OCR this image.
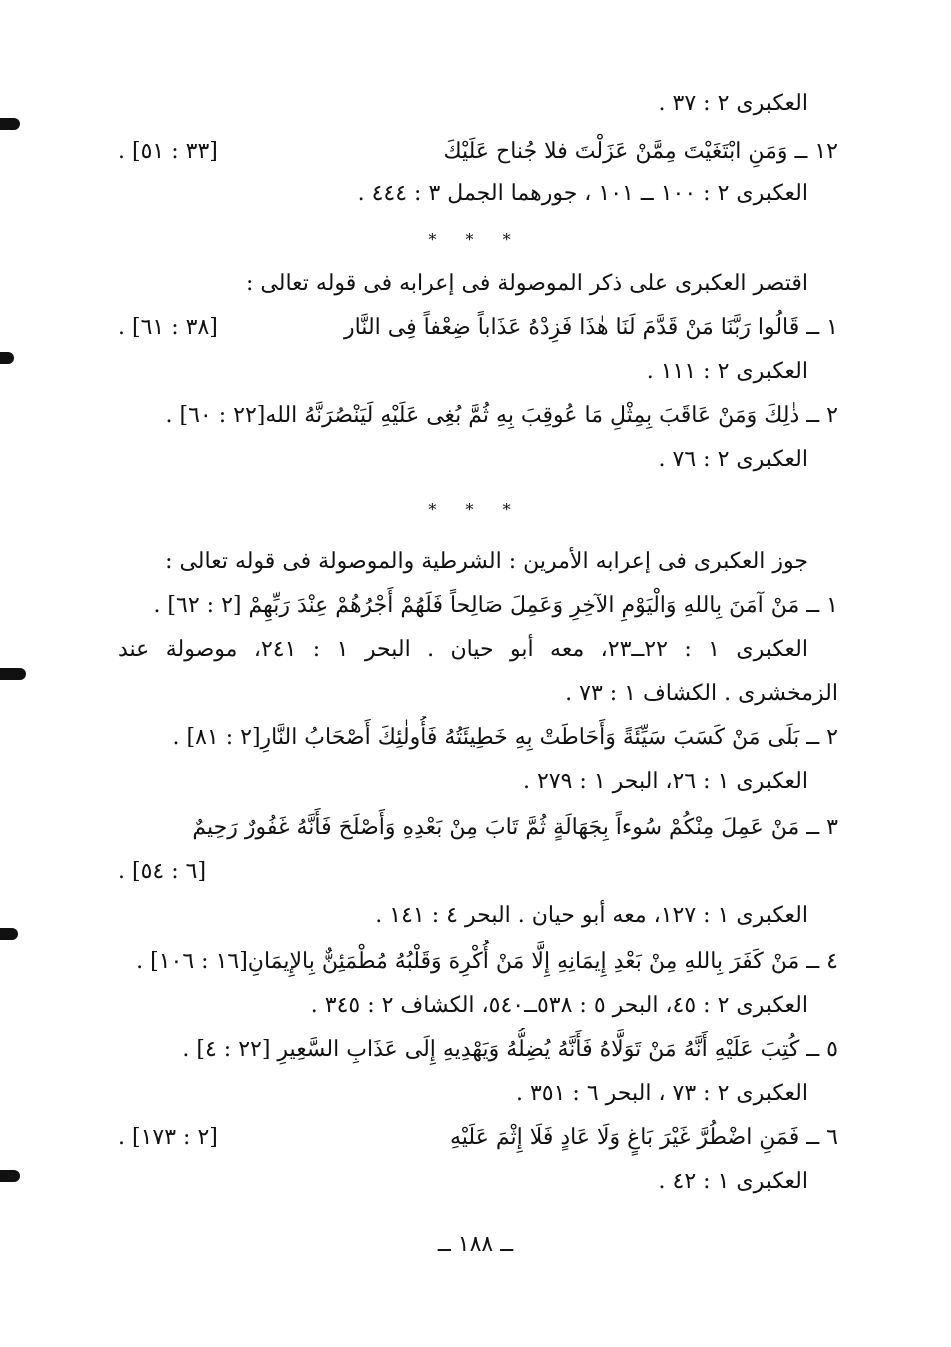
العكبرى ٢ : ٣٧ .
١٢ ــ وَمَنِ ابْتَغَيْتَ مِمَّنْ عَزَلْتَ فلا جُناح عَلَيْكَ
[٣٣ : ٥١] .
العكبرى ٢ : ١٠٠ ــ ١٠١ ، جورهما الجمل ٣ : ٤٤٤ .
* * *
اقتصر العكبرى على ذكر الموصولة فى إعرابه فى قوله تعالى :
١ ــ قَالُوا رَبَّنَا مَنْ قَدَّمَ لَنَا هٰذَا فَزِدْهُ عَذَاباً ضِعْفاً فِى النَّار
[٣٨ : ٦١] .
العكبرى ٢ : ١١١ .
٢ ــ ذٰلِكَ وَمَنْ عَاقَبَ بِمِثْلِ مَا عُوقِبَ بِهِ ثُمَّ بُغِى عَلَيْهِ لَيَنْصُرَنَّهُ الله[٢٢ : ٦٠] .
العكبرى ٢ : ٧٦ .
* * *
جوز العكبرى فى إعرابه الأمرين : الشرطية والموصولة فى قوله تعالى :
١ ــ مَنْ آمَنَ بِاللهِ وَالْيَوْمِ الآخِرِ وَعَمِلَ صَالِحاً فَلَهُمْ أَجْرُهُمْ عِنْدَ رَبِّهِمْ [٢ : ٦٢] .
العكبرى ١ : ٢٢ــ٢٣، معه أبو حيان . البحر ١ : ٢٤١، موصولة عند
الزمخشرى . الكشاف ١ : ٧٣ .
٢ ــ بَلَى مَنْ كَسَبَ سَيِّئَةً وَأَحَاطَتْ بِهِ خَطِيئَتُهُ فَأُولٰئِكَ أَصْحَابُ النَّارِ[٢ : ٨١] .
العكبرى ١ : ٢٦، البحر ١ : ٢٧٩ .
٣ ــ مَنْ عَمِلَ مِنْكُمْ سُوءاً بِجَهَالَةٍ ثُمَّ تَابَ مِنْ بَعْدِهِ وَأَصْلَحَ فَأَنَّهُ غَفُورٌ رَحِيمٌ
[٦ : ٥٤] .
العكبرى ١ : ١٢٧، معه أبو حيان . البحر ٤ : ١٤١ .
٤ ــ مَنْ كَفَرَ بِاللهِ مِنْ بَعْدِ إِيمَانِهِ إِلَّا مَنْ أُكْرِهَ وَقَلْبُهُ مُطْمَئِنٌّ بِالإِيمَانِ[١٦ : ١٠٦] .
العكبرى ٢ : ٤٥، البحر ٥ : ٥٣٨ــ٥٤٠، الكشاف ٢ : ٣٤٥ .
٥ ــ كُتِبَ عَلَيْهِ أَنَّهُ مَنْ تَوَلَّاهُ فَأَنَّهُ يُضِلُّهُ وَيَهْدِيهِ إِلَى عَذَابِ السَّعِيرِ [٢٢ : ٤] .
العكبرى ٢ : ٧٣ ، البحر ٦ : ٣٥١ .
٦ ــ فَمَنِ اضْطُرَّ غَيْرَ بَاغٍ وَلَا عَادٍ فَلَا إِثْمَ عَلَيْهِ
[٢ : ١٧٣] .
العكبرى ١ : ٤٢ .
ــ ١٨٨ ــ
